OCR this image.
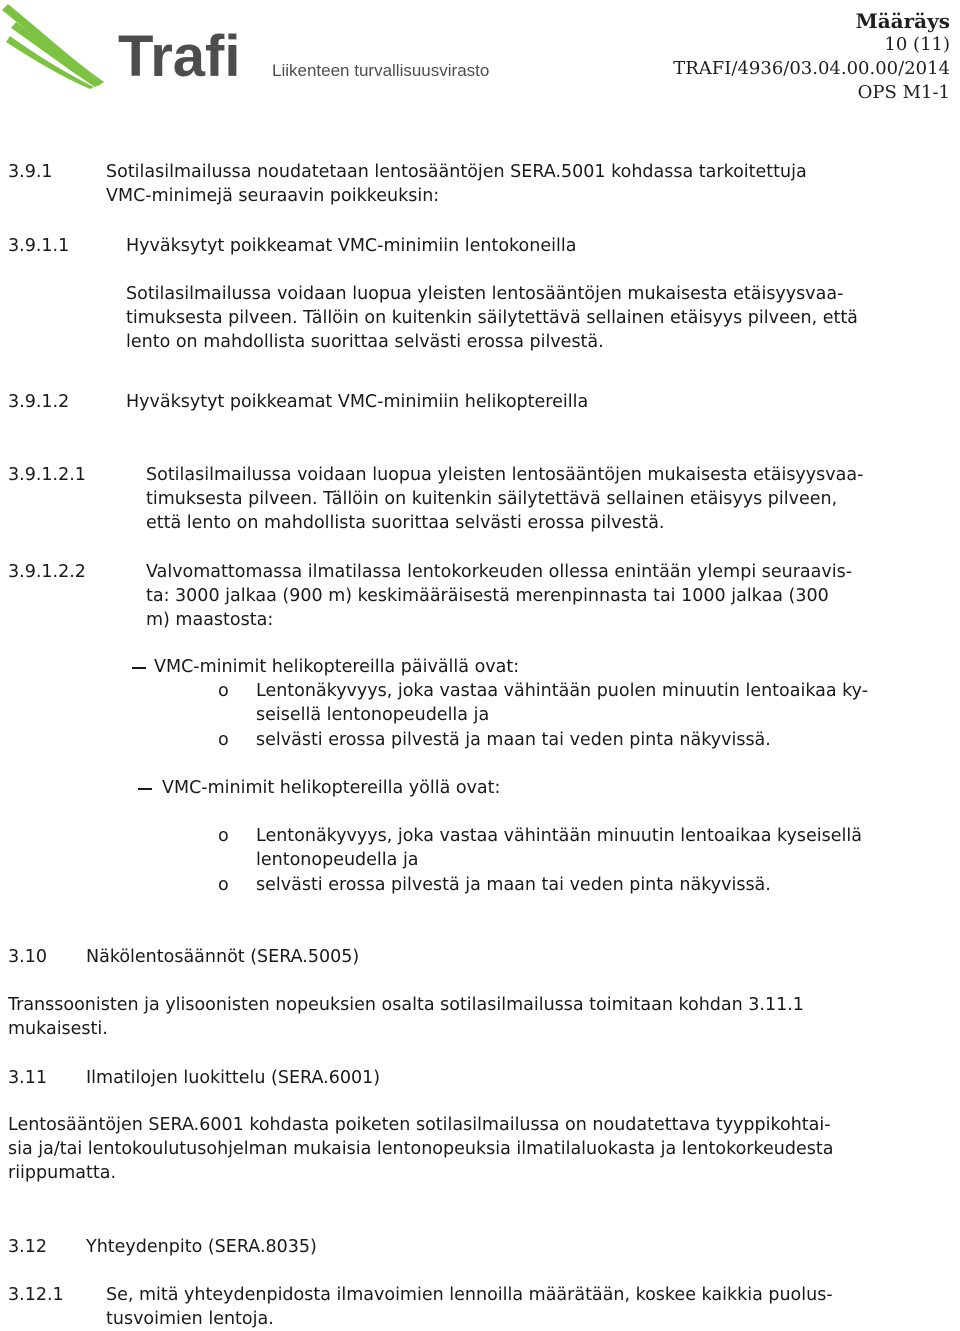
Trafi Liikenteen turvallisuusvirasto
Määräys
10 (11)
TRAFI/4936/03.04.00.00/2014
OPS M1-1
3.9.1	Sotilasilmailussa noudatetaan lentosääntöjen SERA.5001 kohdassa tarkoitettuja
VMC-minimejä seuraavin poikkeuksin:
3.9.1.1	Hyväksytyt poikkeamat VMC-minimiin lentokoneilla
Sotilasilmailussa voidaan luopua yleisten lentosääntöjen mukaisesta etäisyysvaa-
timuksesta pilveen. Tällöin on kuitenkin säilytettävä sellainen etäisyys pilveen, että
lento on mahdollista suorittaa selvästi erossa pilvestä.
3.9.1.2	Hyväksytyt poikkeamat VMC-minimiin helikoptereilla
3.9.1.2.1	Sotilasilmailussa voidaan luopua yleisten lentosääntöjen mukaisesta etäisyysvaa-
timuksesta pilveen. Tällöin on kuitenkin säilytettävä sellainen etäisyys pilveen,
että lento on mahdollista suorittaa selvästi erossa pilvestä.
3.9.1.2.2	Valvomattomassa ilmatilassa lentokorkeuden ollessa enintään ylempi seuraavis-
ta: 3000 jalkaa (900 m) keskimääräisestä merenpinnasta tai 1000 jalkaa (300
m) maastosta:
VMC-minimit helikoptereilla päivällä ovat:
o Lentonäkyvyys, joka vastaa vähintään puolen minuutin lentoaikaa ky-
seisellä lentonopeudella ja
o selvästi erossa pilvestä ja maan tai veden pinta näkyvissä.
VMC-minimit helikoptereilla yöllä ovat:
o Lentonäkyvyys, joka vastaa vähintään minuutin lentoaikaa kyseisellä
lentonopeudella ja
o selvästi erossa pilvestä ja maan tai veden pinta näkyvissä.
3.10 Näkölentosäännöt (SERA.5005)
Transsoonisten ja ylisoonisten nopeuksien osalta sotilasilmailussa toimitaan kohdan 3.11.1
mukaisesti.
3.11 Ilmatilojen luokittelu (SERA.6001)
Lentosääntöjen SERA.6001 kohdasta poiketen sotilasilmailussa on noudatettava tyyppikohtai-
sia ja/tai lentokoulutusohjelman mukaisia lentonopeuksia ilmatilaluokasta ja lentokorkeudesta
riippumatta.
3.12 Yhteydenpito (SERA.8035)
3.12.1 Se, mitä yhteydenpidosta ilmavoimien lennoilla määrätään, koskee kaikkia puolus-
tusvoimien lentoja.
